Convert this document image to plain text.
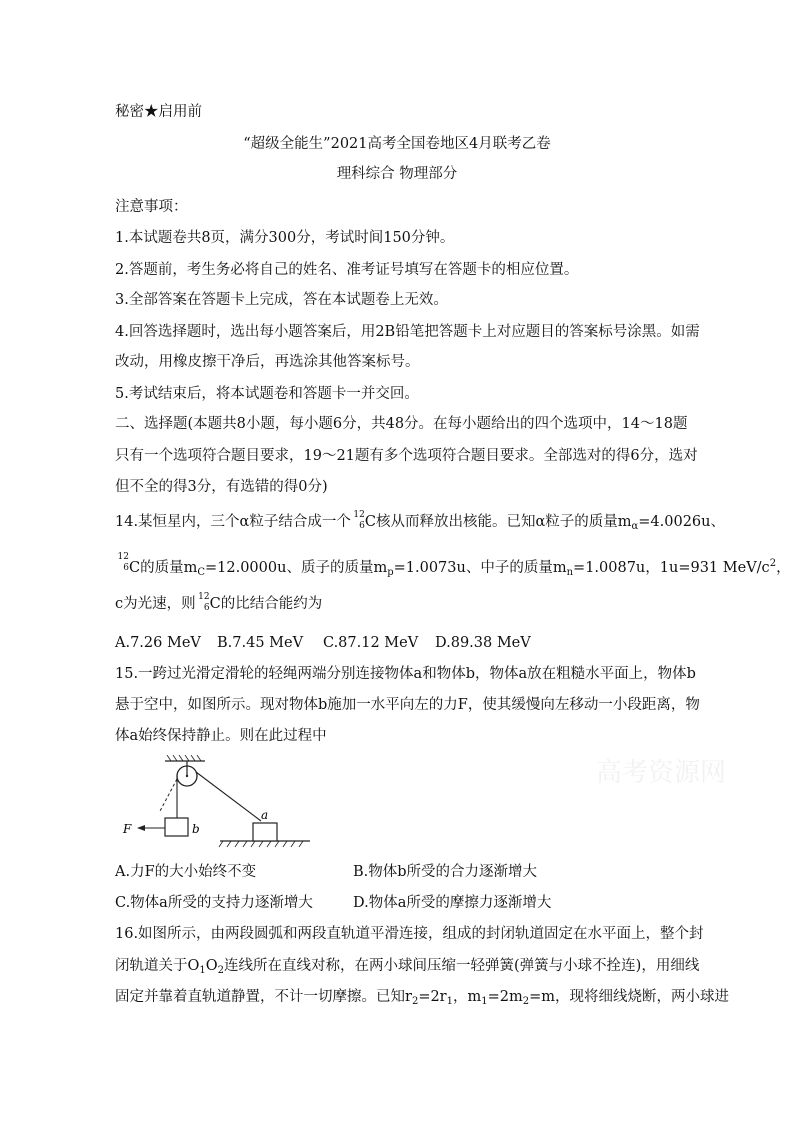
秘密★启用前
“超级全能生”2021高考全国卷地区4月联考乙卷
理科综合 物理部分
注意事项：
1.本试题卷共8页，满分300分，考试时间150分钟。
2.答题前，考生务必将自己的姓名、准考证号填写在答题卡的相应位置。
3.全部答案在答题卡上完成，答在本试题卷上无效。
4.回答选择题时，选出每小题答案后，用2B铅笔把答题卡上对应题目的答案标号涂黑。如需
改动，用橡皮擦干净后，再选涂其他答案标号。
5.考试结束后，将本试题卷和答题卡一并交回。
二、选择题(本题共8小题，每小题6分，共48分。在每小题给出的四个选项中，14～18题
只有一个选项符合题目要求，19～21题有多个选项符合题目要求。全部选对的得6分，选对
但不全的得3分，有选错的得0分)
14.某恒星内，三个α粒子结合成一个 12
6 C核从而释放出核能。已知α粒子的质量$m_\alpha=4.0026u$、
12
6 C的质量$m_C=12.0000u$、质子的质量$m_p=1.0073u$、中子的质量$m_n=1.0087u$，1u=931 MeV/$c^2$，
c为光速，则 12
6 C的比结合能约为
A.7.26 MeV B.7.45 MeV C.87.12 MeV D.89.38 MeV
15.一跨过光滑定滑轮的轻绳两端分别连接物体a和物体b，物体a放在粗糙水平面上，物体b
悬于空中，如图所示。现对物体b施加一水平向左的力F，使其缓慢向左移动一小段距离，物
体a始终保持静止。则在此过程中
F	b
a
A.力F的大小始终不变	B.物体b所受的合力逐渐增大
C.物体a所受的支持力逐渐增大	D.物体a所受的摩擦力逐渐增大
16.如图所示，由两段圆弧和两段直轨道平滑连接，组成的封闭轨道固定在水平面上，整个封
闭轨道关于$O_1O_2$连线所在直线对称，在两小球间压缩一轻弹簧(弹簧与小球不拴连)，用细线
固定并靠着直轨道静置，不计一切摩擦。已知$r_2=2r_1$，$m_1=2m_2=m$，现将细线烧断，两小球进
高考资源网
